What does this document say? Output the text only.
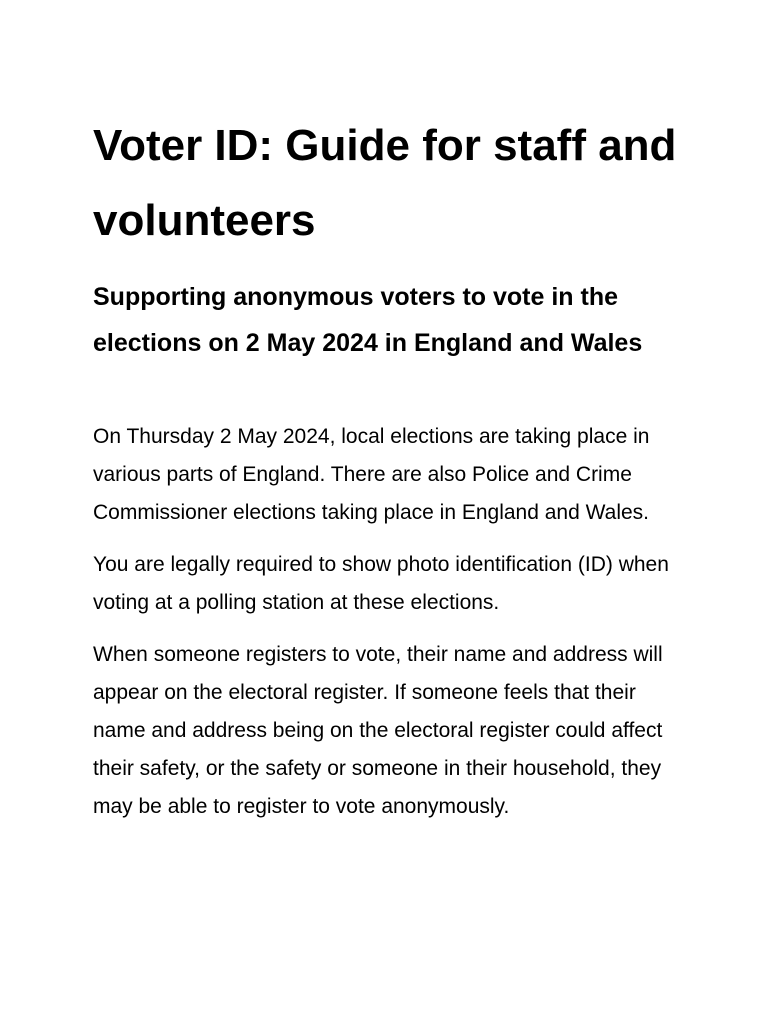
Voter ID: Guide for staff and volunteers
Supporting anonymous voters to vote in the elections on 2 May 2024 in England and Wales

On Thursday 2 May 2024, local elections are taking place in various parts of England. There are also Police and Crime Commissioner elections taking place in England and Wales.

You are legally required to show photo identification (ID) when voting at a polling station at these elections.

When someone registers to vote, their name and address will appear on the electoral register. If someone feels that their name and address being on the electoral register could affect their safety, or the safety or someone in their household, they may be able to register to vote anonymously.
